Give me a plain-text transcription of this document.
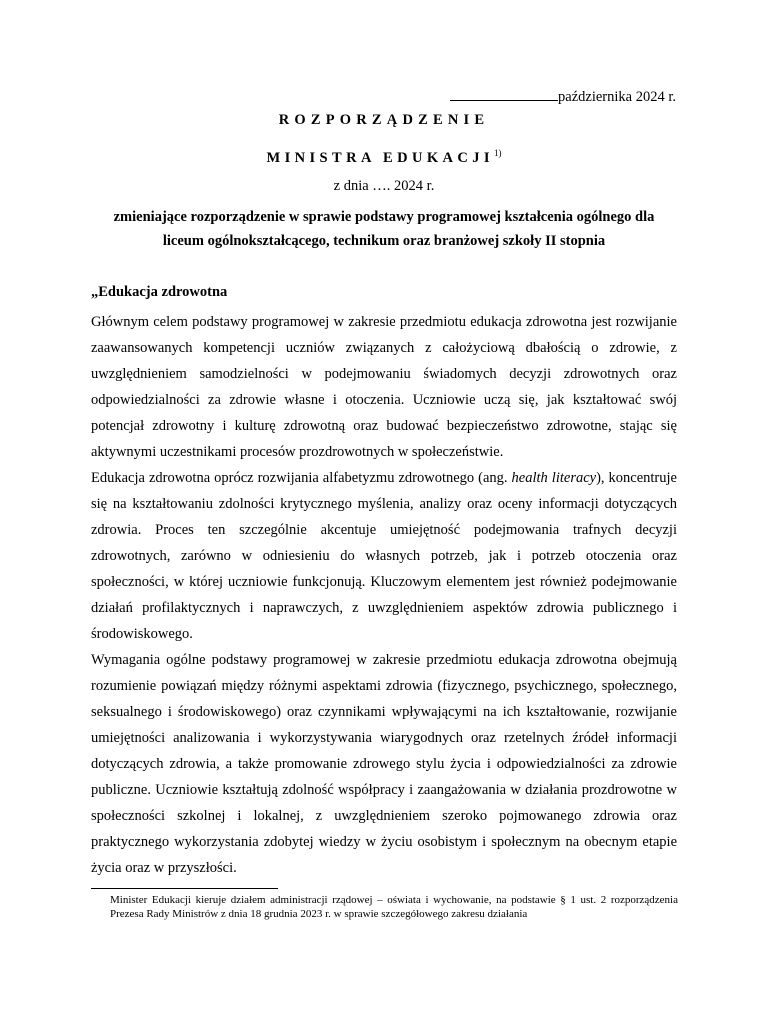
października 2024 r.
ROZPORZĄDZENIE
MINISTRA EDUKACJI$^{1)}$
z dnia …. 2024 r.
zmieniające rozporządzenie w sprawie podstawy programowej kształcenia ogólnego dla
liceum ogólnokształcącego, technikum oraz branżowej szkoły II stopnia
„Edukacja zdrowotna

Głównym celem podstawy programowej w zakresie przedmiotu edukacja zdrowotna jest rozwijanie zaawansowanych kompetencji uczniów związanych z całożyciową dbałością o zdrowie, z uwzględnieniem samodzielności w podejmowaniu świadomych decyzji zdrowotnych oraz odpowiedzialności za zdrowie własne i otoczenia. Uczniowie uczą się, jak kształtować swój potencjał zdrowotny i kulturę zdrowotną oraz budować bezpieczeństwo zdrowotne, stając się aktywnymi uczestnikami procesów prozdrowotnych w społeczeństwie.

Edukacja zdrowotna oprócz rozwijania alfabetyzmu zdrowotnego (ang. health literacy), koncentruje się na kształtowaniu zdolności krytycznego myślenia, analizy oraz oceny informacji dotyczących zdrowia. Proces ten szczególnie akcentuje umiejętność podejmowania trafnych decyzji zdrowotnych, zarówno w odniesieniu do własnych potrzeb, jak i potrzeb otoczenia oraz społeczności, w której uczniowie funkcjonują. Kluczowym elementem jest również podejmowanie działań profilaktycznych i naprawczych, z uwzględnieniem aspektów zdrowia publicznego i środowiskowego.

Wymagania ogólne podstawy programowej w zakresie przedmiotu edukacja zdrowotna obejmują rozumienie powiązań między różnymi aspektami zdrowia (fizycznego, psychicznego, społecznego, seksualnego i środowiskowego) oraz czynnikami wpływającymi na ich kształtowanie, rozwijanie umiejętności analizowania i wykorzystywania wiarygodnych oraz rzetelnych źródeł informacji dotyczących zdrowia, a także promowanie zdrowego stylu życia i odpowiedzialności za zdrowie publiczne. Uczniowie kształtują zdolność współpracy i zaangażowania w działania prozdrowotne w społeczności szkolnej i lokalnej, z uwzględnieniem szeroko pojmowanego zdrowia oraz praktycznego wykorzystania zdobytej wiedzy w życiu osobistym i społecznym na obecnym etapie życia oraz w przyszłości.

Minister Edukacji kieruje działem administracji rządowej – oświata i wychowanie, na podstawie § 1 ust. 2 rozporządzenia Prezesa Rady Ministrów z dnia 18 grudnia 2023 r. w sprawie szczegółowego zakresu działania
